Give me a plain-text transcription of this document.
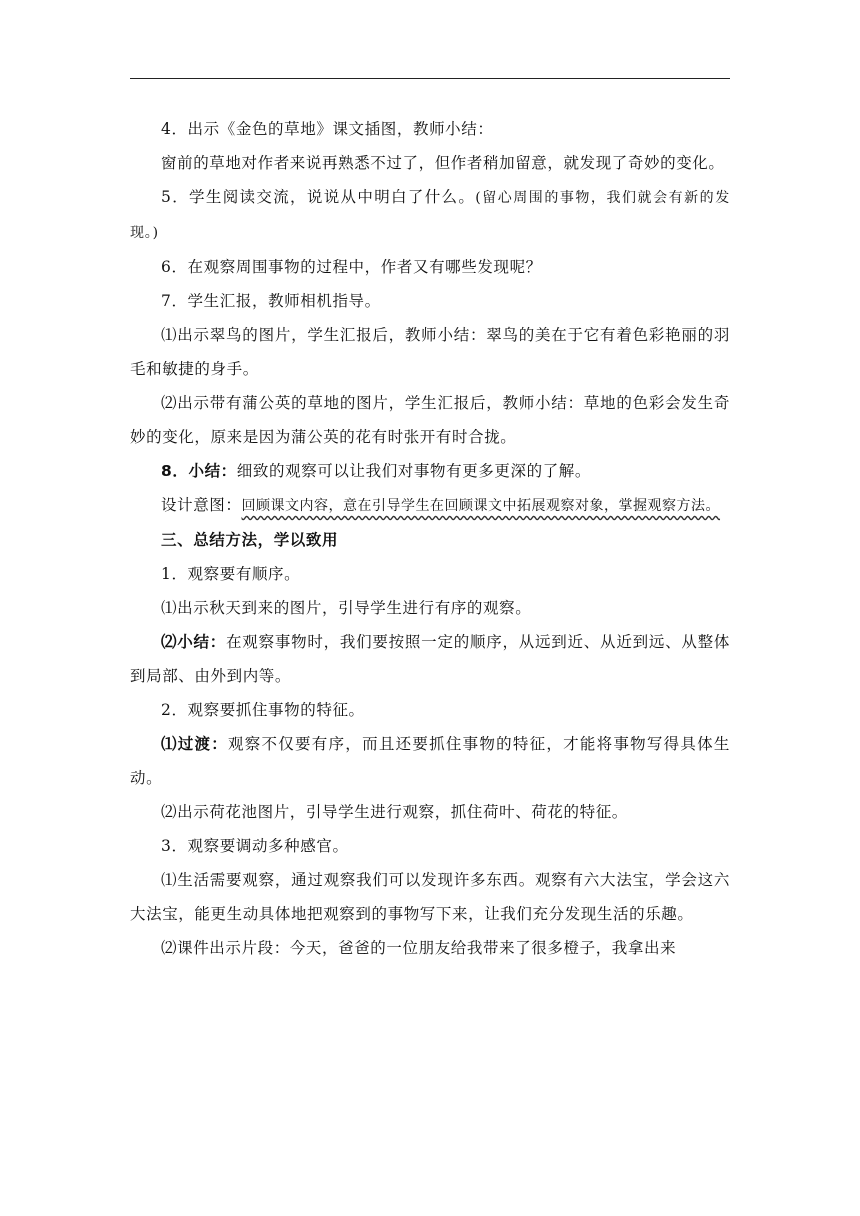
4．出示《金色的草地》课文插图，教师小结：

窗前的草地对作者来说再熟悉不过了，但作者稍加留意，就发现了奇妙的变化。

5．学生阅读交流，说说从中明白了什么。(留心周围的事物，我们就会有新的发现。)

6．在观察周围事物的过程中，作者又有哪些发现呢？

7．学生汇报，教师相机指导。

⑴出示翠鸟的图片，学生汇报后，教师小结：翠鸟的美在于它有着色彩艳丽的羽毛和敏捷的身手。

⑵出示带有蒲公英的草地的图片，学生汇报后，教师小结：草地的色彩会发生奇妙的变化，原来是因为蒲公英的花有时张开有时合拢。

8．小结：细致的观察可以让我们对事物有更多更深的了解。

设计意图：回顾课文内容，意在引导学生在回顾课文中拓展观察对象，掌握观察方法。

三、总结方法，学以致用

1．观察要有顺序。

⑴出示秋天到来的图片，引导学生进行有序的观察。

⑵小结：在观察事物时，我们要按照一定的顺序，从远到近、从近到远、从整体到局部、由外到内等。

2．观察要抓住事物的特征。

⑴过渡：观察不仅要有序，而且还要抓住事物的特征，才能将事物写得具体生动。

⑵出示荷花池图片，引导学生进行观察，抓住荷叶、荷花的特征。

3．观察要调动多种感官。

⑴生活需要观察，通过观察我们可以发现许多东西。观察有六大法宝，学会这六大法宝，能更生动具体地把观察到的事物写下来，让我们充分发现生活的乐趣。

⑵课件出示片段：今天，爸爸的一位朋友给我带来了很多橙子，我拿出来
